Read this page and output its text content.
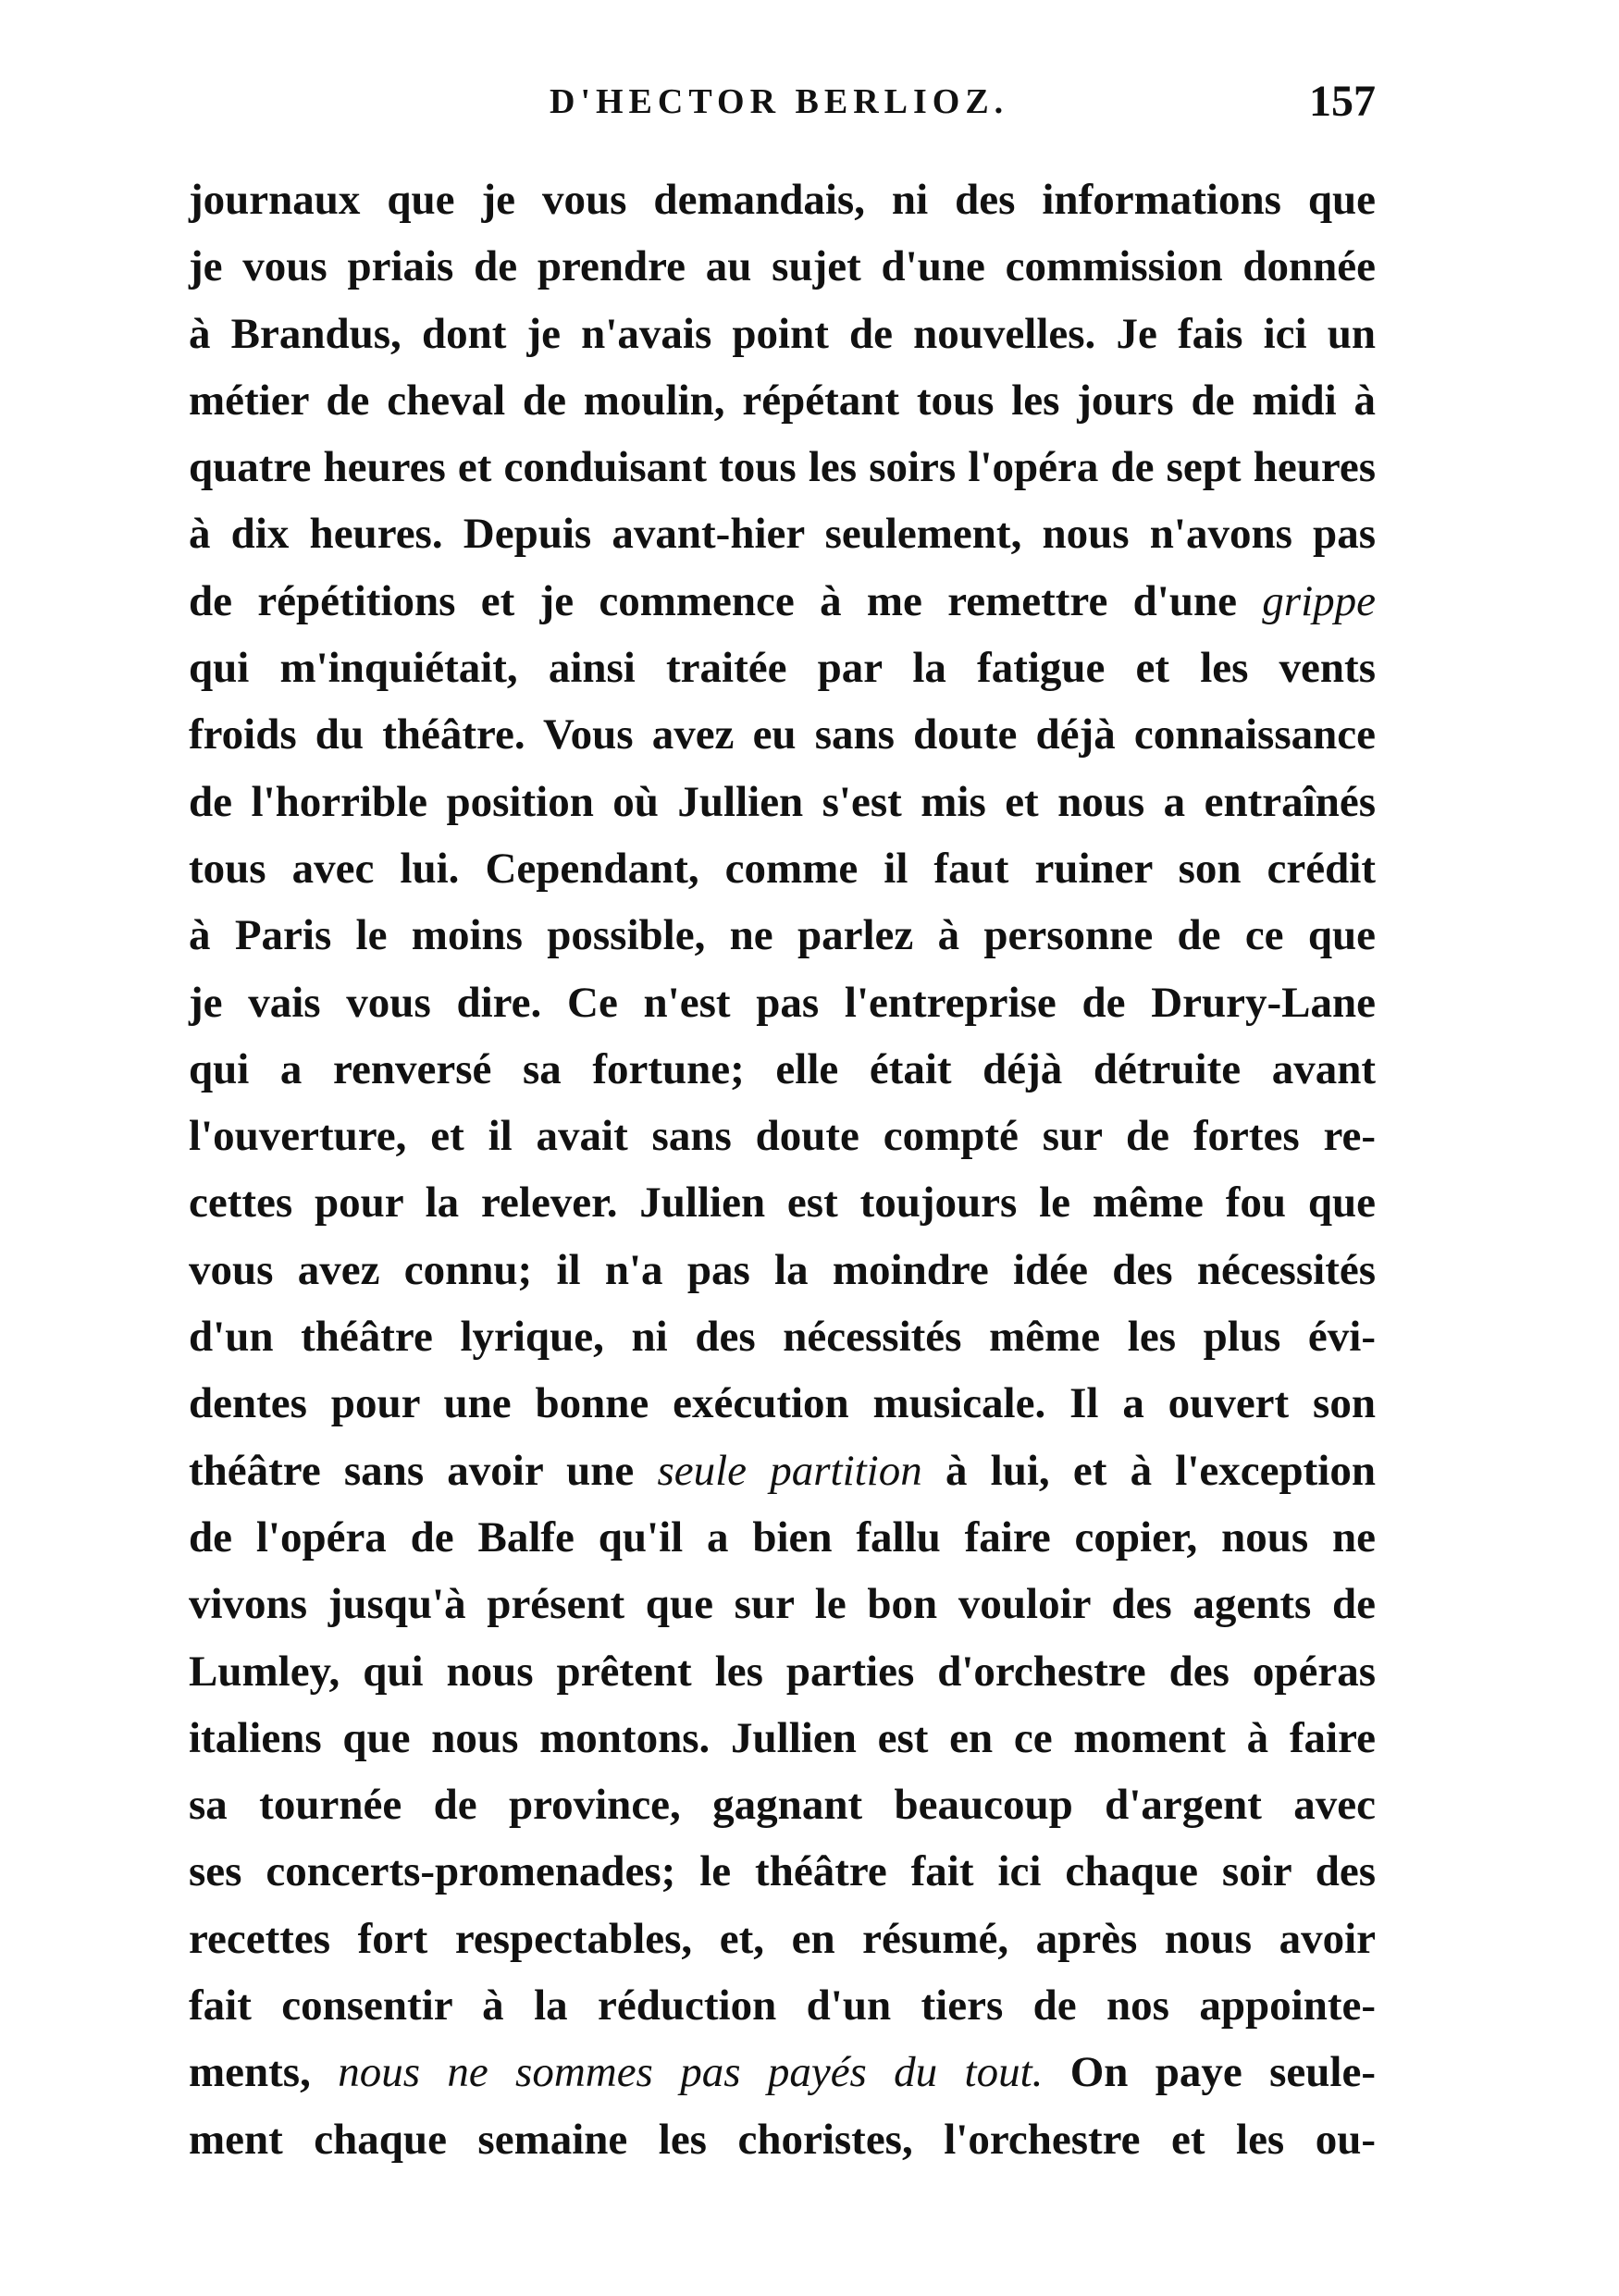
D'HECTOR BERLIOZ.	157
journaux que je vous demandais, ni des informations que
je vous priais de prendre au sujet d'une commission donnée
à Brandus, dont je n'avais point de nouvelles. Je fais ici un
métier de cheval de moulin, répétant tous les jours de midi à
quatre heures et conduisant tous les soirs l'opéra de sept heures
à dix heures. Depuis avant-hier seulement, nous n'avons pas
de répétitions et je commence à me remettre d'une grippe
qui m'inquiétait, ainsi traitée par la fatigue et les vents
froids du théâtre. Vous avez eu sans doute déjà connaissance
de l'horrible position où Jullien s'est mis et nous a entraînés
tous avec lui. Cependant, comme il faut ruiner son crédit
à Paris le moins possible, ne parlez à personne de ce que
je vais vous dire. Ce n'est pas l'entreprise de Drury-Lane
qui a renversé sa fortune; elle était déjà détruite avant
l'ouverture, et il avait sans doute compté sur de fortes re-
cettes pour la relever. Jullien est toujours le même fou que
vous avez connu; il n'a pas la moindre idée des nécessités
d'un théâtre lyrique, ni des nécessités même les plus évi-
dentes pour une bonne exécution musicale. Il a ouvert son
théâtre sans avoir une seule partition à lui, et à l'exception
de l'opéra de Balfe qu'il a bien fallu faire copier, nous ne
vivons jusqu'à présent que sur le bon vouloir des agents de
Lumley, qui nous prêtent les parties d'orchestre des opéras
italiens que nous montons. Jullien est en ce moment à faire
sa tournée de province, gagnant beaucoup d'argent avec
ses concerts-promenades; le théâtre fait ici chaque soir des
recettes fort respectables, et, en résumé, après nous avoir
fait consentir à la réduction d'un tiers de nos appointe-
ments, nous ne sommes pas payés du tout. On paye seule-
ment chaque semaine les choristes, l'orchestre et les ou-
